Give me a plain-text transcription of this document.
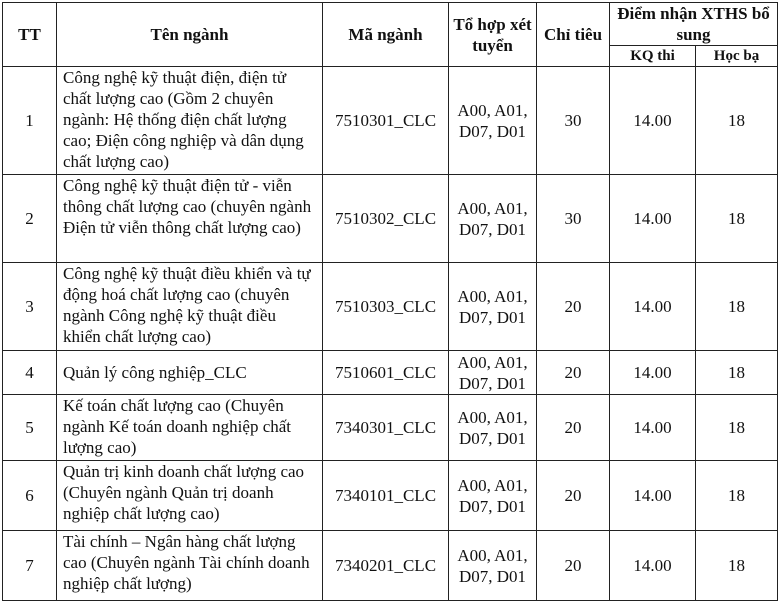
TT	Tên ngành	Mã ngành	Tổ hợp xét tuyển	Chỉ tiêu	Điểm nhận XTHS bổ sung	
					KQ thi	Học bạ
1	Công nghệ kỹ thuật điện, điện tử chất lượng cao (Gồm 2 chuyên ngành: Hệ thống điện chất lượng cao; Điện công nghiệp và dân dụng chất lượng cao)	7510301_CLC	A00, A01, D07, D01	30	14.00	18
2	Công nghệ kỹ thuật điện tử - viễn thông chất lượng cao (chuyên ngành Điện tử viễn thông chất lượng cao)	7510302_CLC	A00, A01, D07, D01	30	14.00	18
3	Công nghệ kỹ thuật điều khiển và tự động hoá chất lượng cao (chuyên ngành Công nghệ kỹ thuật điều khiển chất lượng cao)	7510303_CLC	A00, A01, D07, D01	20	14.00	18
4	Quản lý công nghiệp_CLC	7510601_CLC	A00, A01, D07, D01	20	14.00	18
5	Kế toán chất lượng cao (Chuyên ngành Kế toán doanh nghiệp chất lượng cao)	7340301_CLC	A00, A01, D07, D01	20	14.00	18
6	Quản trị kinh doanh chất lượng cao (Chuyên ngành Quản trị doanh nghiệp chất lượng cao)	7340101_CLC	A00, A01, D07, D01	20	14.00	18
7	Tài chính – Ngân hàng chất lượng cao (Chuyên ngành Tài chính doanh nghiệp chất lượng)	7340201_CLC	A00, A01, D07, D01	20	14.00	18
